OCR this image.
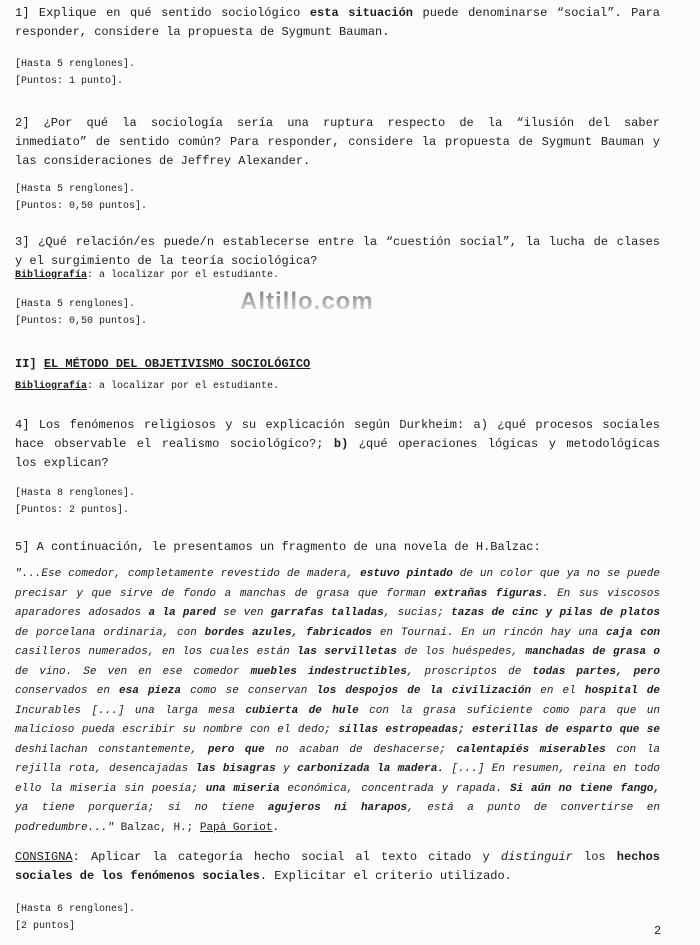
Altillo.com
1] Explique en qué sentido sociológico esta situación puede denominarse “social”. Para
responder, considere la propuesta de Sygmunt Bauman.
[Hasta 5 renglones].
[Puntos: 1 punto].
2] ¿Por qué la sociología sería una ruptura respecto de la “ilusión del saber
inmediato” de sentido común? Para responder, considere la propuesta de Sygmunt Bauman y
las consideraciones de Jeffrey Alexander.
[Hasta 5 renglones].
[Puntos: 0,50 puntos].
3] ¿Qué relación/es puede/n establecerse entre la “cuestión social”, la lucha de clases
y el surgimiento de la teoría sociológica?
Bibliografía: a localizar por el estudiante.
[Hasta 5 renglones].
[Puntos: 0,50 puntos].
II] EL MÉTODO DEL OBJETIVISMO SOCIOLÓGICO
Bibliografía: a localizar por el estudiante.
4] Los fenómenos religiosos y su explicación según Durkheim: a) ¿qué procesos sociales
hace observable el realismo sociológico?; b) ¿qué operaciones lógicas y metodológicas
los explican?
[Hasta 8 renglones].
[Puntos: 2 puntos].
5] A continuación, le presentamos un fragmento de una novela de H.Balzac:
"...Ese comedor, completamente revestido de madera, estuvo pintado de un color que ya no se puede
precisar y que sirve de fondo a manchas de grasa que forman extrañas figuras. En sus viscosos
aparadores adosados a la pared se ven garrafas talladas, sucias; tazas de cinc y pilas de platos
de porcelana ordinaria, con bordes azules, fabricados en Tournai. En un rincón hay una caja con
casilleros numerados, en los cuales están las servilletas de los huéspedes, manchadas de grasa o
de vino. Se ven en ese comedor muebles indestructibles, proscriptos de todas partes, pero
conservados en esa pieza como se conservan los despojos de la civilización en el hospital de
Incurables [...] una larga mesa cubierta de hule con la grasa suficiente como para que un
malicioso pueda escribir su nombre con el dedo; sillas estropeadas; esterillas de esparto que se
deshilachan constantemente, pero que no acaban de deshacerse; calentapiés miserables con la
rejilla rota, desencajadas las bisagras y carbonizada la madera. [...] En resumen, reina en todo
ello la miseria sin poesía; una miseria económica, concentrada y rapada. Si aún no tiene fango,
ya tiene porquería; si no tiene agujeros ni harapos, está a punto de convertirse en
podredumbre..." Balzac, H.; Papá Goriot.
CONSIGNA: Aplicar la categoría hecho social al texto citado y distinguir los hechos
sociales de los fenómenos sociales. Explicitar el criterio utilizado.
[Hasta 6 renglones].
[2 puntos]	2
